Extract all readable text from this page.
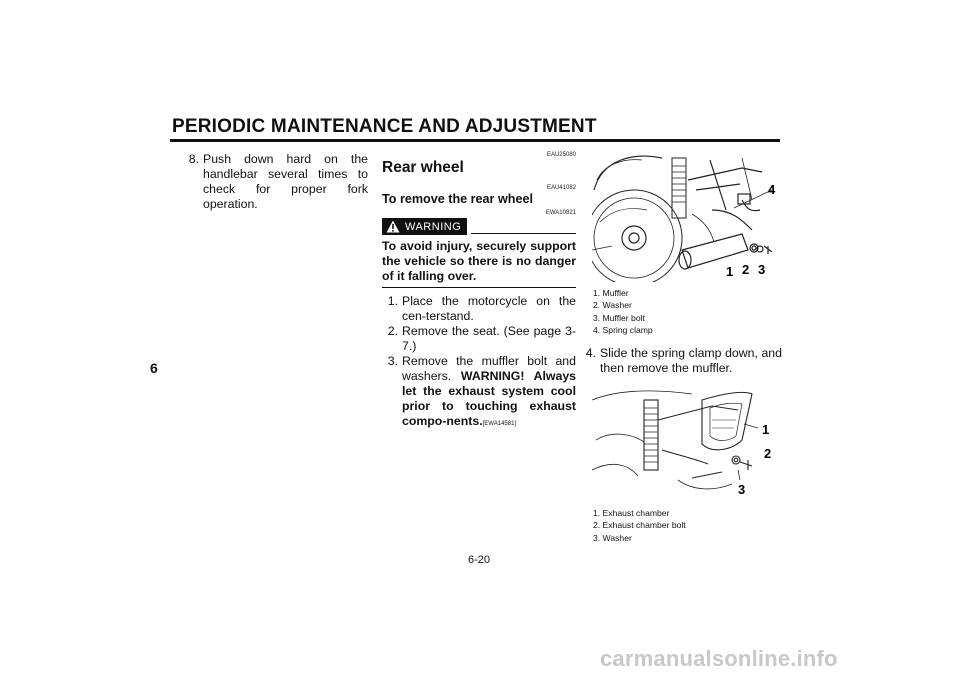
PERIODIC MAINTENANCE AND ADJUSTMENT
6
8. Push down hard on the handlebar several times to check for proper fork operation.
EAU25080
Rear wheel
EAU41082
To remove the rear wheel
EWA10821
WARNING
To avoid injury, securely support the vehicle so there is no danger of it falling over.
1. Place the motorcycle on the cen-terstand.
2. Remove the seat. (See page 3-7.)
3. Remove the muffler bolt and washers. WARNING! Always let the exhaust system cool prior to touching exhaust compo-nents.[EWA14581]
4
1 2 3
1. Muffler
2. Washer
3. Muffler bolt
4. Spring clamp
4. Slide the spring clamp down, and then remove the muffler.
1
2
3
1. Exhaust chamber
2. Exhaust chamber bolt
3. Washer
6-20
carmanualsonline.info
